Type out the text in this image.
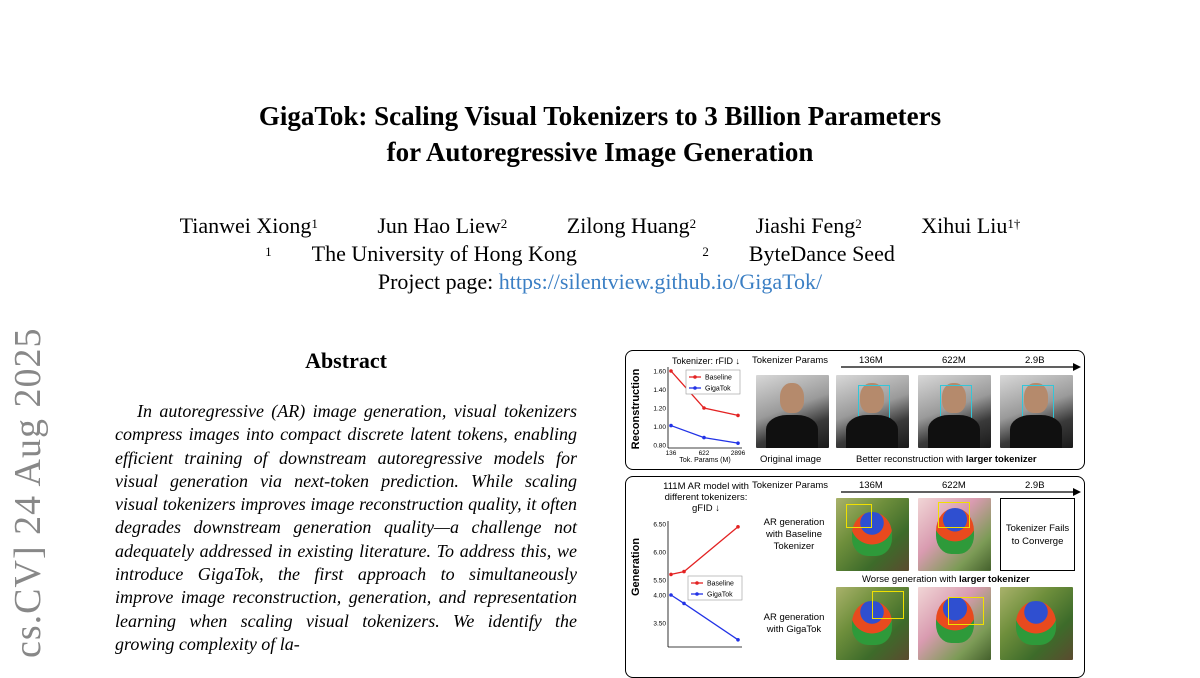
GigaTok: Scaling Visual Tokenizers to 3 Billion Parameters
for Autoregressive Image Generation
Tianwei Xiong$^1$	Jun Hao Liew$^2$	Zilong Huang$^2$	Jiashi Feng$^2$	Xihui Liu$^{1\dagger}$
$^1$ The University of Hong Kong	$^2$ ByteDance Seed
Project page: https://silentview.github.io/GigaTok/
cs.CV] 24 Aug 2025	Abstract

In autoregressive (AR) image generation, visual tokenizers compress images into compact discrete latent tokens, enabling efficient training of downstream autoregressive models for visual generation via next-token prediction. While scaling visual tokenizers improves image reconstruction quality, it often degrades downstream generation quality—a challenge not adequately addressed in existing literature. To address this, we introduce GigaTok, the first approach to simultaneously improve image reconstruction, generation, and representation learning when scaling visual tokenizers. We identify the growing complexity of la-

Reconstruction
Tokenizer: rFID ↓
1.60
1.40
1.20
1.00
0.80
136	622	2896
Tok. Params (M)
Baseline
GigaTok
Tokenizer Params	136M	622M	2.9B
Original image	Better reconstruction with larger tokenizer
111M AR model with different tokenizers:
gFID ↓
Generation
6.50
6.00
5.50
4.00
3.50
Baseline
GigaTok
Tokenizer Params	136M	622M	2.9B
AR generation with Baseline Tokenizer
Tokenizer Fails to Converge
Worse generation with larger tokenizer
AR generation with GigaTok
